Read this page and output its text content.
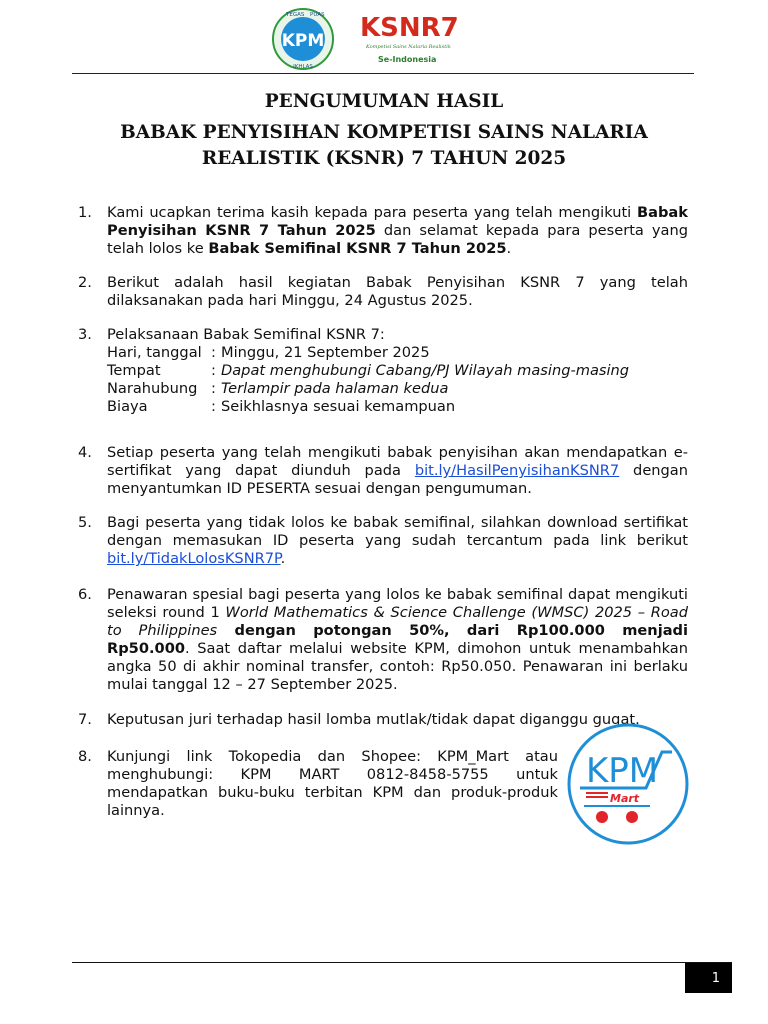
KPM
TEGAS PUAS
IKHLAS
KSNR7
Kompetisi Sains Nalaria Realistik
Se-Indonesia
PENGUMUMAN HASIL
BABAK PENYISIHAN KOMPETISI SAINS NALARIA
REALISTIK (KSNR) 7 TAHUN 2025
1.	Kami ucapkan terima kasih kepada para peserta yang telah mengikuti Babak Penyisihan KSNR 7 Tahun 2025 dan selamat kepada para peserta yang telah lolos ke Babak Semifinal KSNR 7 Tahun 2025.
2.	Berikut adalah hasil kegiatan Babak Penyisihan KSNR 7 yang telah dilaksanakan pada hari Minggu, 24 Agustus 2025.
3.	Pelaksanaan Babak Semifinal KSNR 7:
Hari, tanggal : Minggu, 21 September 2025
Tempat	: Dapat menghubungi Cabang/PJ Wilayah masing-masing
Narahubung : Terlampir pada halaman kedua
Biaya	: Seikhlasnya sesuai kemampuan
4.	Setiap peserta yang telah mengikuti babak penyisihan akan mendapatkan e-sertifikat yang dapat diunduh pada bit.ly/HasilPenyisihanKSNR7 dengan menyantumkan ID PESERTA sesuai dengan pengumuman.
5.	Bagi peserta yang tidak lolos ke babak semifinal, silahkan download sertifikat dengan memasukan ID peserta yang sudah tercantum pada link berikut bit.ly/TidakLolosKSNR7P.
6.	Penawaran spesial bagi peserta yang lolos ke babak semifinal dapat mengikuti seleksi round 1 World Mathematics & Science Challenge (WMSC) 2025 – Road to Philippines dengan potongan 50%, dari Rp100.000 menjadi Rp50.000. Saat daftar melalui website KPM, dimohon untuk menambahkan angka 50 di akhir nominal transfer, contoh: Rp50.050. Penawaran ini berlaku mulai tanggal 12 – 27 September 2025.
7.	Keputusan juri terhadap hasil lomba mutlak/tidak dapat diganggu gugat.
8.	Kunjungi link Tokopedia dan Shopee: KPM_Mart atau menghubungi: KPM MART 0812-8458-5755 untuk mendapatkan buku-buku terbitan KPM dan produk-produk lainnya.
KPM
Mart
1
